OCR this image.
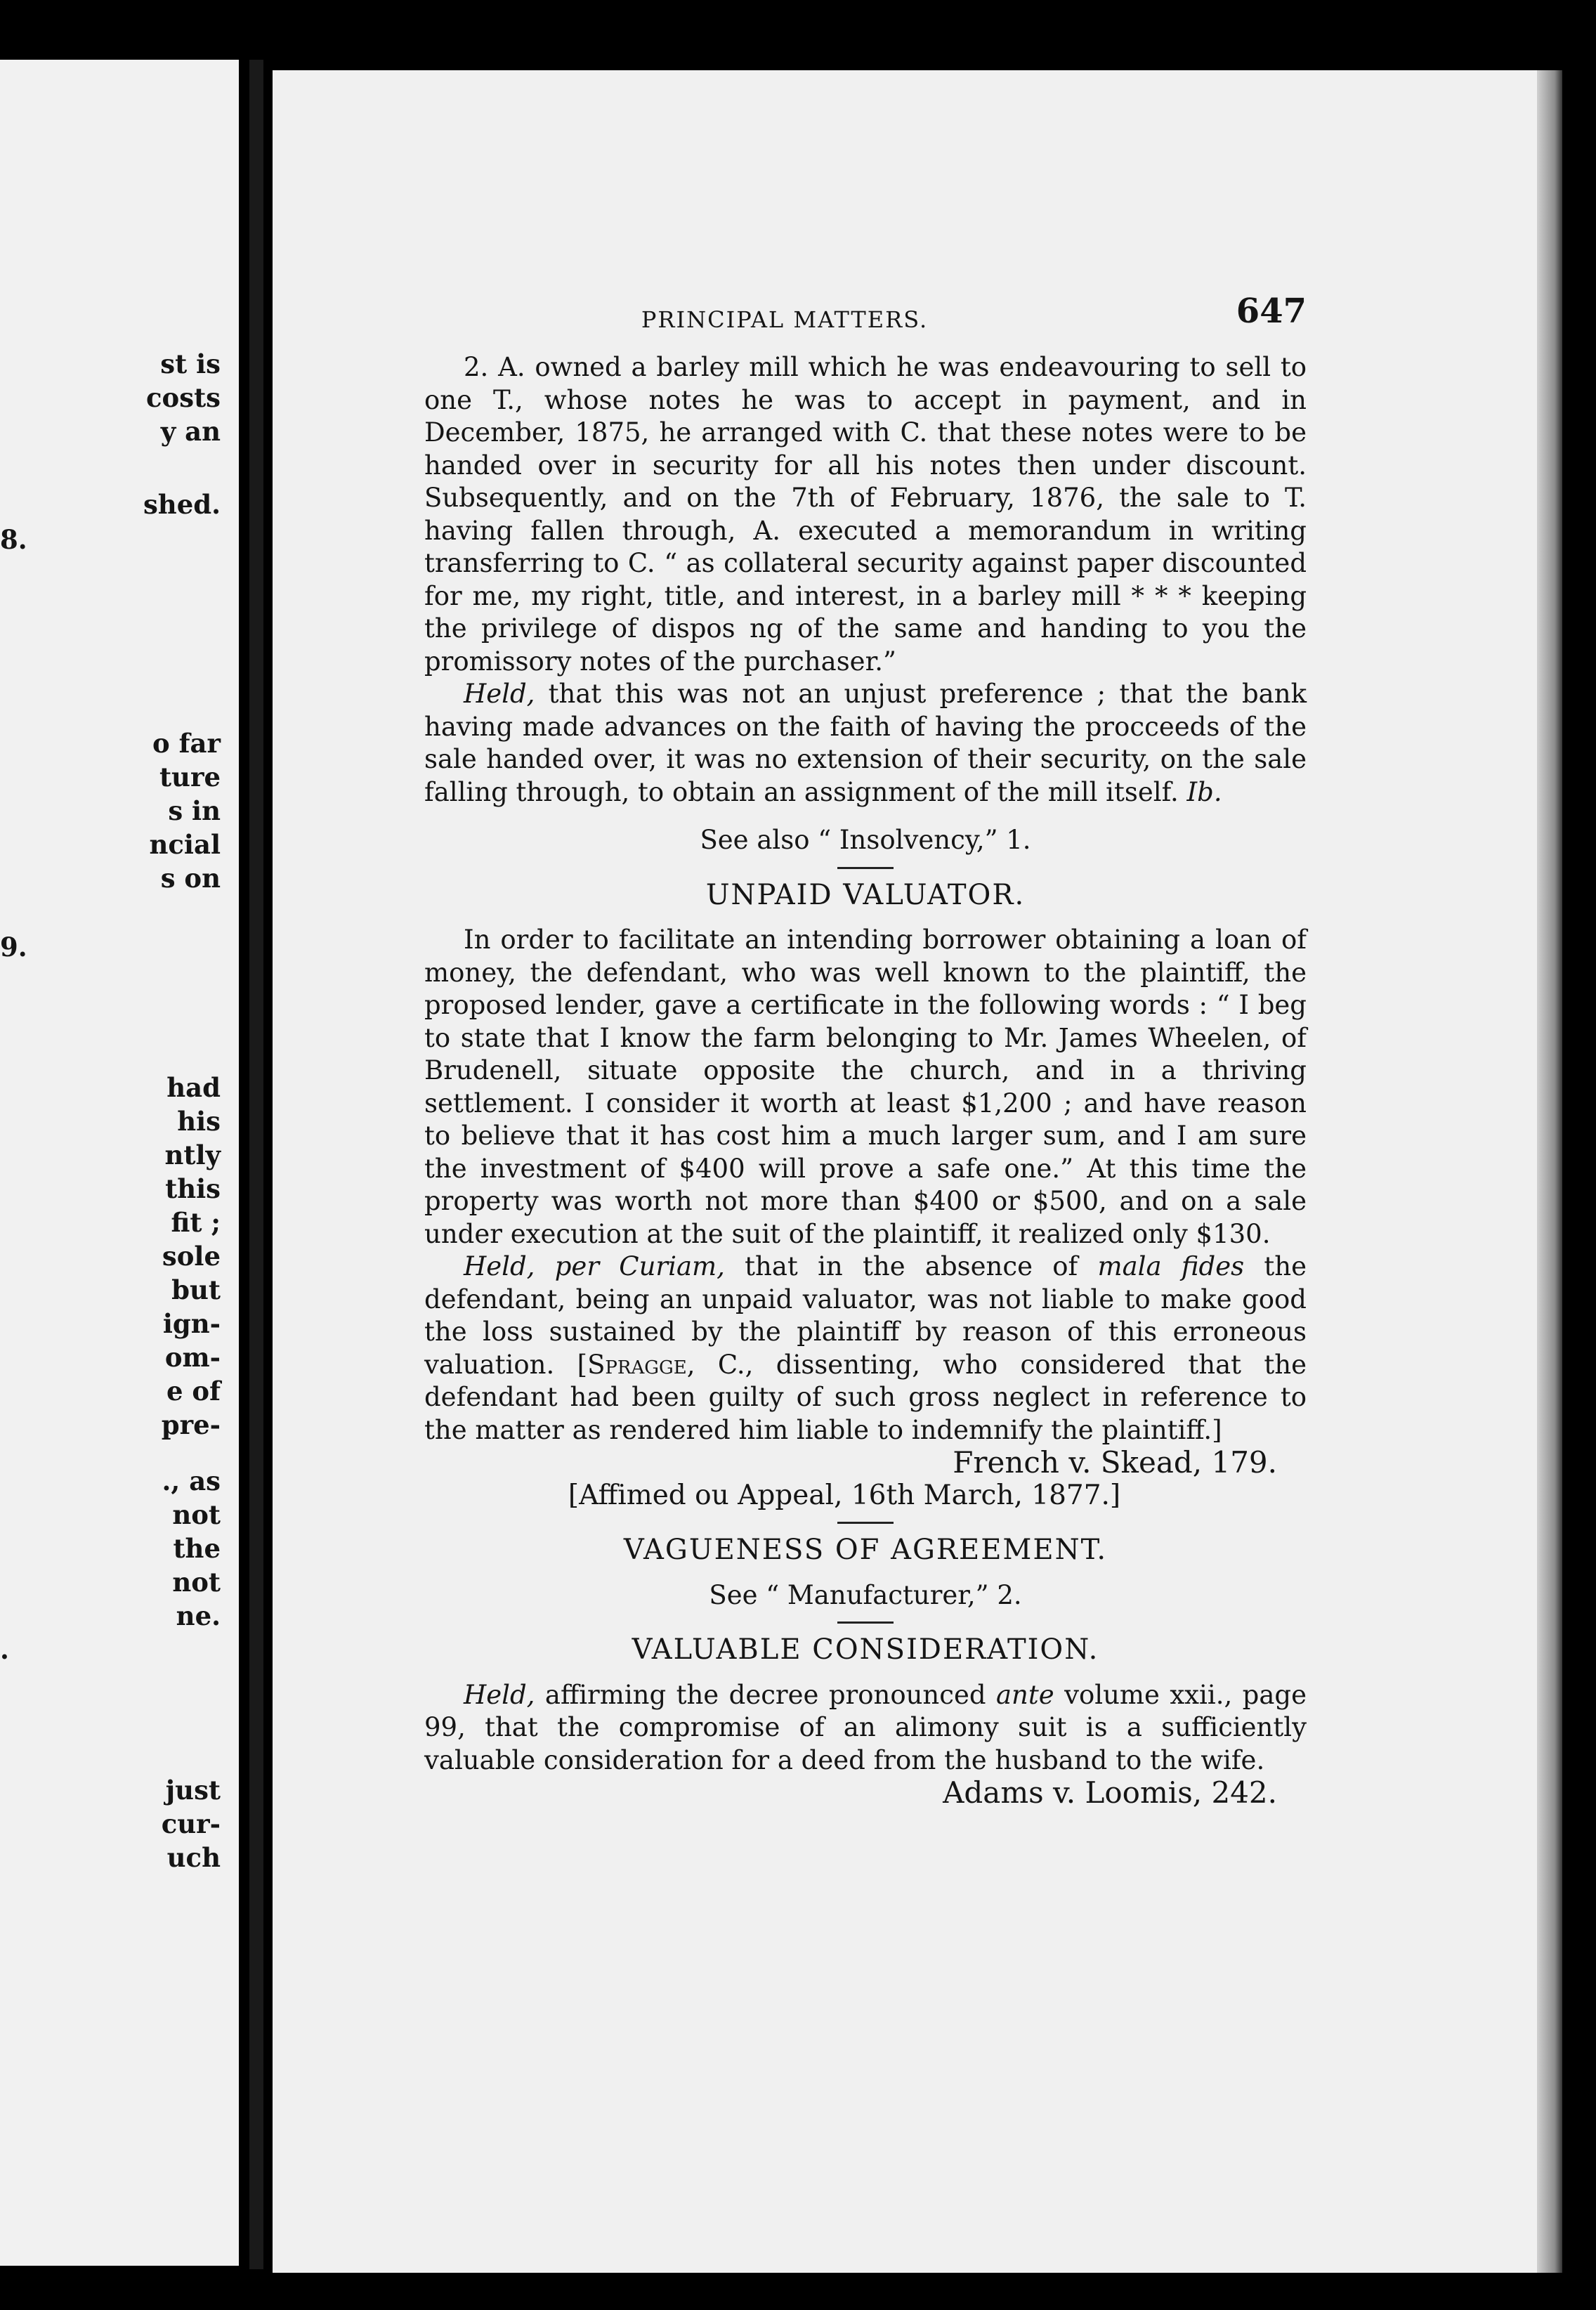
st is
costs
y an
shed.
8.
o far
ture
s in
ncial
s on
9.
had
his
ntly
this
fit ;
sole
but
ign-
om-
e of
pre-
., as
not
the
not
ne.
.
just
cur-
uch
PRINCIPAL MATTERS.	647

2. A. owned a barley mill which he was endeavouring to sell to one T., whose notes he was to accept in payment, and in December, 1875, he arranged with C. that these notes were to be handed over in security for all his notes then under discount. Subsequently, and on the 7th of February, 1876, the sale to T. having fallen through, A. executed a memorandum in writing transferring to C. “ as collateral security against paper discounted for me, my right, title, and interest, in a barley mill * * * keeping the privilege of dispos ng of the same and handing to you the promissory notes of the purchaser.”

Held, that this was not an unjust preference ; that the bank having made advances on the faith of having the procceeds of the sale handed over, it was no extension of their security, on the sale falling through, to obtain an assignment of the mill itself. Ib.

See also “ Insolvency,” 1.

UNPAID VALUATOR.

In order to facilitate an intending borrower obtaining a loan of money, the defendant, who was well known to the plaintiff, the proposed lender, gave a certificate in the following words : “ I beg to state that I know the farm belonging to Mr. James Wheelen, of Brudenell, situate opposite the church, and in a thriving settlement. I consider it worth at least $1,200 ; and have reason to believe that it has cost him a much larger sum, and I am sure the investment of $400 will prove a safe one.” At this time the property was worth not more than $400 or $500, and on a sale under execution at the suit of the plaintiff, it realized only $130.

Held, per Curiam, that in the absence of mala fides the defendant, being an unpaid valuator, was not liable to make good the loss sustained by the plaintiff by reason of this erroneous valuation. [Spragge, C., dissenting, who considered that the defendant had been guilty of such gross neglect in reference to the matter as rendered him liable to indemnify the plaintiff.]

French v. Skead, 179.

[Affimed ou Appeal, 16th March, 1877.]

VAGUENESS OF AGREEMENT.

See “ Manufacturer,” 2.

VALUABLE CONSIDERATION.

Held, affirming the decree pronounced ante volume xxii., page 99, that the compromise of an alimony suit is a sufficiently valuable consideration for a deed from the husband to the wife.

Adams v. Loomis, 242.
